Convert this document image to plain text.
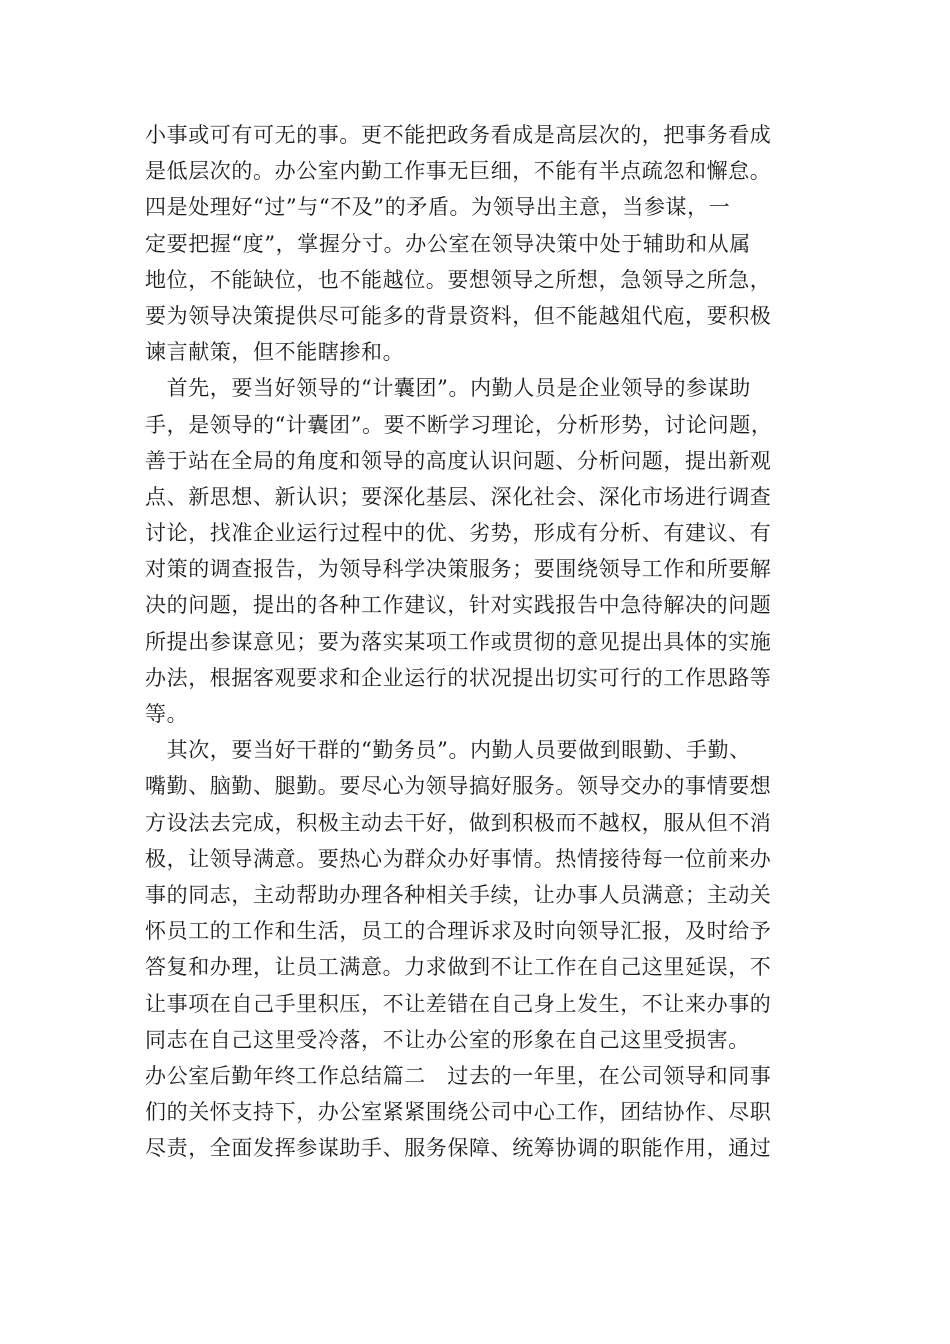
小事或可有可无的事。更不能把政务看成是高层次的，把事务看成
是低层次的。办公室内勤工作事无巨细，不能有半点疏忽和懈怠。
四是处理好“过”与“不及”的矛盾。为领导出主意，当参谋，一
定要把握“度”，掌握分寸。办公室在领导决策中处于辅助和从属
地位，不能缺位，也不能越位。要想领导之所想，急领导之所急，
要为领导决策提供尽可能多的背景资料，但不能越俎代庖，要积极
谏言献策，但不能瞎掺和。
　首先，要当好领导的“计囊团”。内勤人员是企业领导的参谋助
手，是领导的“计囊团”。要不断学习理论，分析形势，讨论问题，
善于站在全局的角度和领导的高度认识问题、分析问题，提出新观
点、新思想、新认识；要深化基层、深化社会、深化市场进行调查
讨论，找准企业运行过程中的优、劣势，形成有分析、有建议、有
对策的调查报告，为领导科学决策服务；要围绕领导工作和所要解
决的问题，提出的各种工作建议，针对实践报告中急待解决的问题
所提出参谋意见；要为落实某项工作或贯彻的意见提出具体的实施
办法，根据客观要求和企业运行的状况提出切实可行的工作思路等
等。
　其次，要当好干群的“勤务员”。内勤人员要做到眼勤、手勤、
嘴勤、脑勤、腿勤。要尽心为领导搞好服务。领导交办的事情要想
方设法去完成，积极主动去干好，做到积极而不越权，服从但不消
极，让领导满意。要热心为群众办好事情。热情接待每一位前来办
事的同志，主动帮助办理各种相关手续，让办事人员满意；主动关
怀员工的工作和生活，员工的合理诉求及时向领导汇报，及时给予
答复和办理，让员工满意。力求做到不让工作在自己这里延误，不
让事项在自己手里积压，不让差错在自己身上发生，不让来办事的
同志在自己这里受冷落，不让办公室的形象在自己这里受损害。
办公室后勤年终工作总结篇二　过去的一年里，在公司领导和同事
们的关怀支持下，办公室紧紧围绕公司中心工作，团结协作、尽职
尽责，全面发挥参谋助手、服务保障、统筹协调的职能作用，通过
